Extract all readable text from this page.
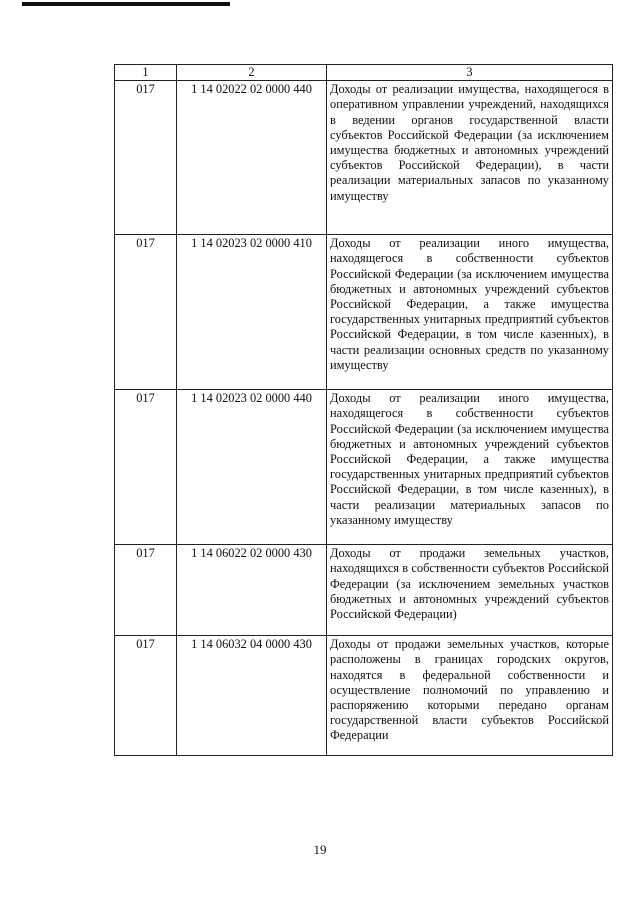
1	2	3
017	1 14 02022 02 0000 440	Доходы от реализации имущества, находящегося в оперативном управлении учреждений, находящихся в ведении органов государственной власти субъектов Российской Федерации (за исключением имущества бюджетных и автономных учреждений субъектов Российской Федерации), в части реализации материальных запасов по указанному имуществу
017	1 14 02023 02 0000 410	Доходы от реализации иного имущества, находящегося в собственности субъектов Российской Федерации (за исключением имущества бюджетных и автономных учреждений субъектов Российской Федерации, а также имущества государственных унитарных предприятий субъектов Российской Федерации, в том числе казенных), в части реализации основных средств по указанному имуществу
017	1 14 02023 02 0000 440	Доходы от реализации иного имущества, находящегося в собственности субъектов Российской Федерации (за исключением имущества бюджетных и автономных учреждений субъектов Российской Федерации, а также имущества государственных унитарных предприятий субъектов Российской Федерации, в том числе казенных), в части реализации материальных запасов по указанному имуществу
017	1 14 06022 02 0000 430	Доходы от продажи земельных участков, находящихся в собственности субъектов Российской Федерации (за исключением земельных участков бюджетных и автономных учреждений субъектов Российской Федерации)
017	1 14 06032 04 0000 430	Доходы от продажи земельных участков, которые расположены в границах городских округов, находятся в федеральной собственности и осуществление полномочий по управлению и распоряжению которыми передано органам государственной власти субъектов Российской Федерации
19
